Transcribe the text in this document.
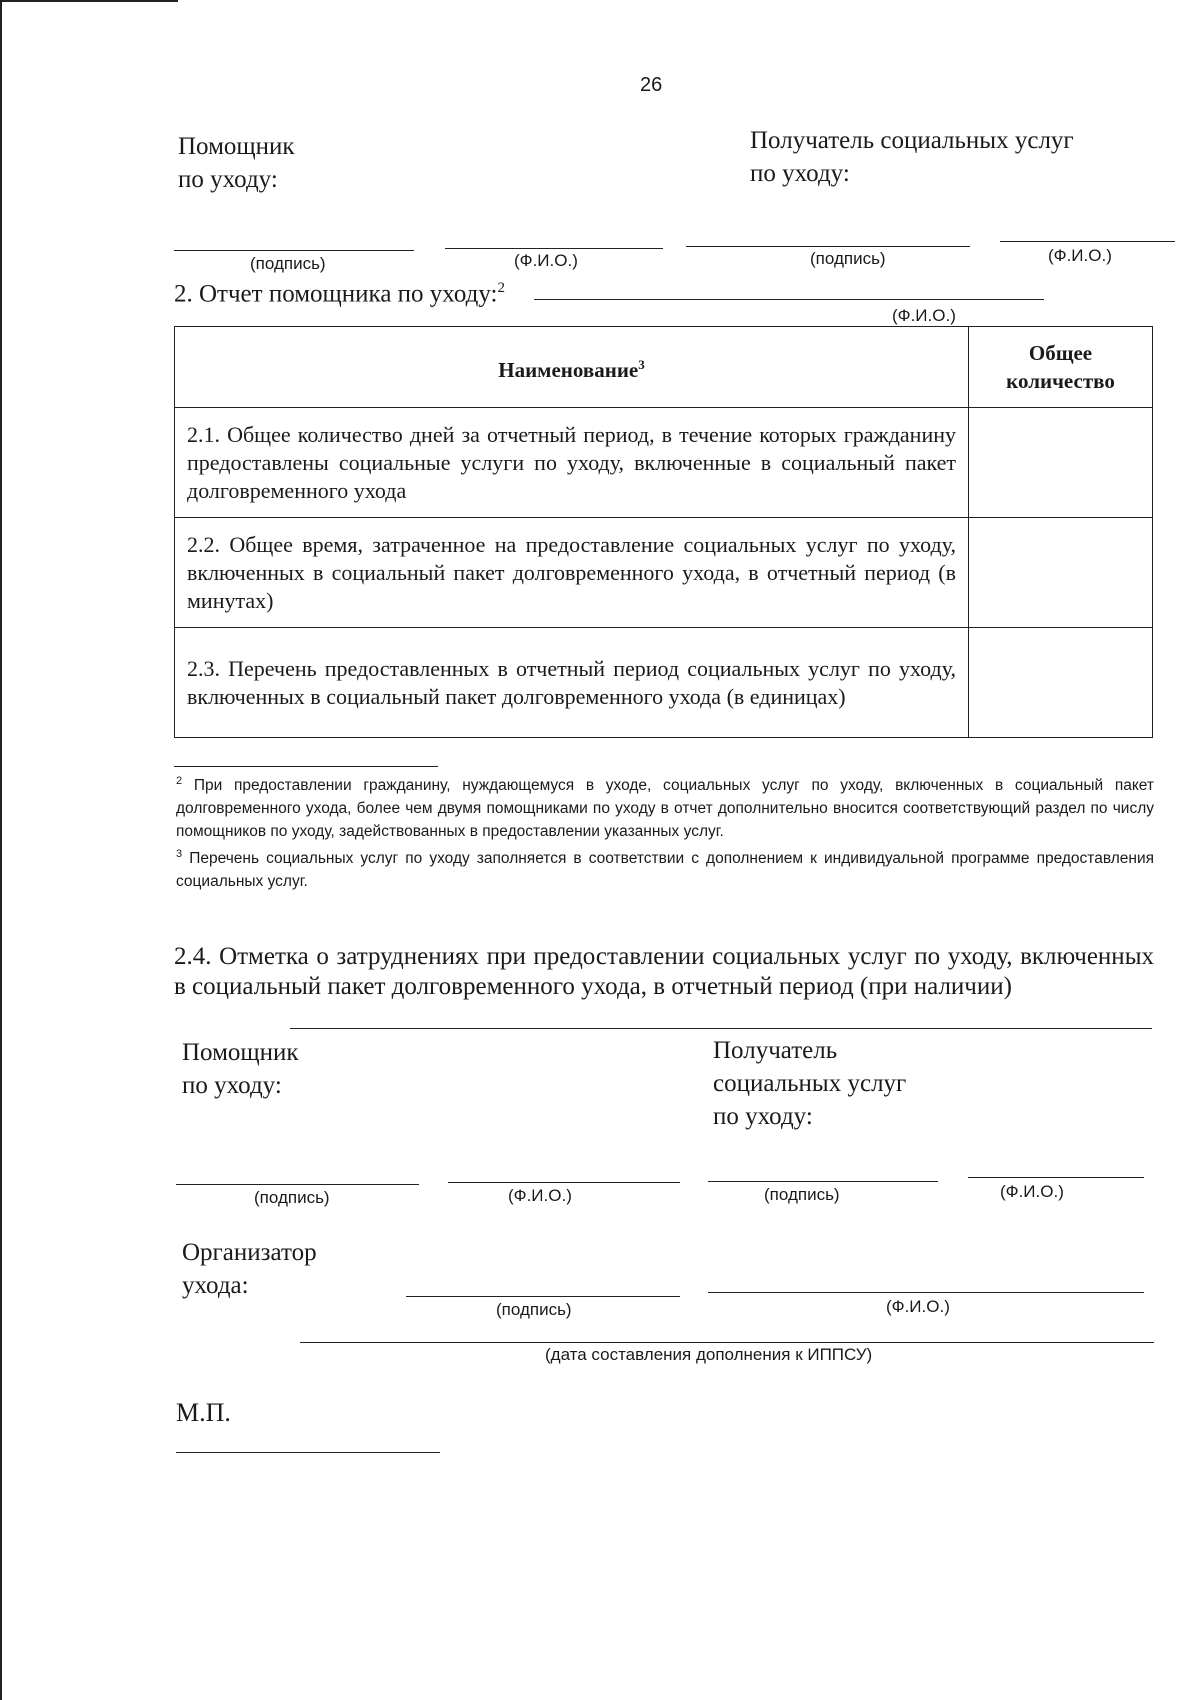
26
Помощник
по уходу:
Получатель социальных услуг
по уходу:
(подпись)	(Ф.И.О.)	(подпись)	(Ф.И.О.)
2. Отчет помощника по уходу:$^2$
(Ф.И.О.)
Наименование$^3$	Общее
количество

2.1. Общее количество дней за отчетный период, в течение которых гражданину предоставлены социальные услуги по уходу, включенные в социальный пакет долговременного ухода	
2.2. Общее время, затраченное на предоставление социальных услуг по уходу, включенных в социальный пакет долговременного ухода, в отчетный период (в минутах)	
2.3. Перечень предоставленных в отчетный период социальных услуг по уходу, включенных в социальный пакет долговременного ухода (в единицах)	
$^2$ При предоставлении гражданину, нуждающемуся в уходе, социальных услуг по уходу, включенных в социальный пакет долговременного ухода, более чем двумя помощниками по уходу в отчет дополнительно вносится соответствующий раздел по числу помощников по уходу, задействованных в предоставлении указанных услуг.
$^3$ Перечень социальных услуг по уходу заполняется в соответствии с дополнением к индивидуальной программе предоставления социальных услуг.
2.4. Отметка о затруднениях при предоставлении социальных услуг по уходу, включенных в социальный пакет долговременного ухода, в отчетный период (при наличии)
Помощник
по уходу:
Получатель
социальных услуг
по уходу:
(подпись)	(Ф.И.О.)	(подпись)	(Ф.И.О.)
Организатор
ухода:
(подпись)	(Ф.И.О.)
(дата составления дополнения к ИППСУ)
М.П.
